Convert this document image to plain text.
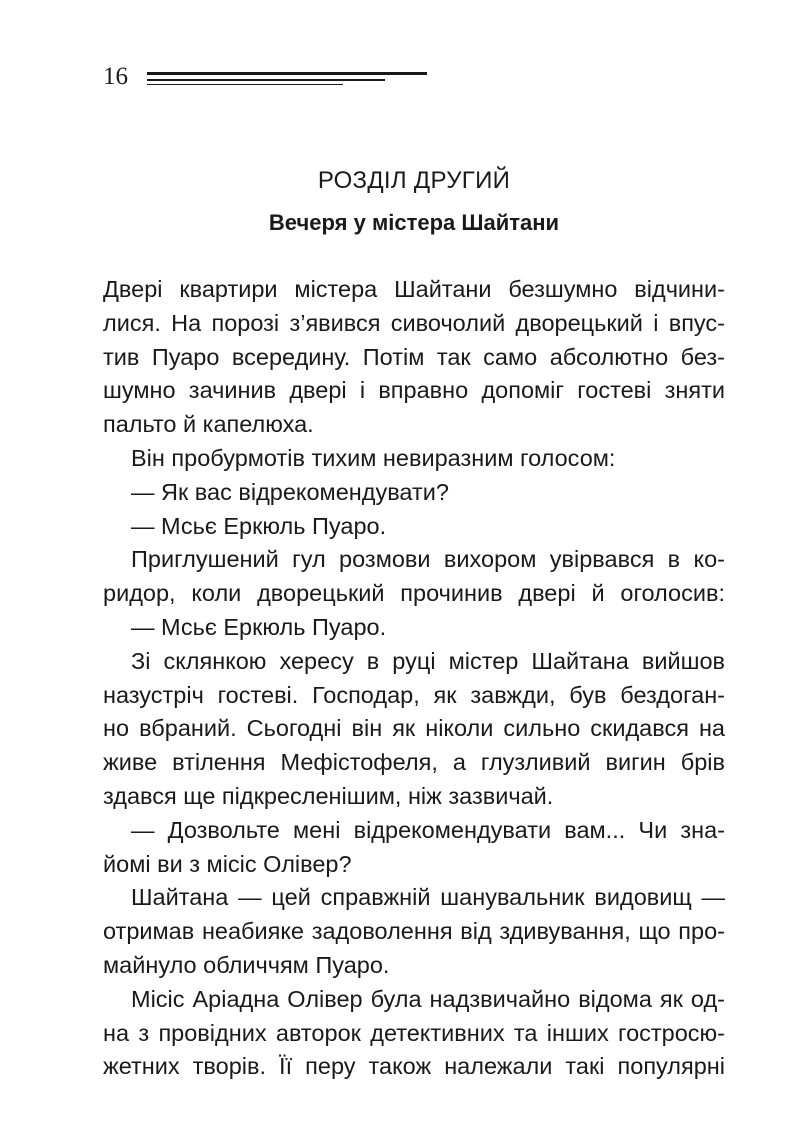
16
РОЗДІЛ ДРУГИЙ
Вечеря у містера Шайтани
Двері квартири містера Шайтани безшумно відчини-
лися. На порозі з’явився сивочолий дворецький і впус-
тив Пуаро всередину. Потім так само абсолютно без-
шумно зачинив двері і вправно допоміг гостеві зняти
пальто й капелюха.
Він пробурмотів тихим невиразним голосом:
— Як вас відрекомендувати?
— Мсьє Еркюль Пуаро.
Приглушений гул розмови вихором увірвався в ко-
ридор, коли дворецький прочинив двері й оголосив:
— Мсьє Еркюль Пуаро.
Зі склянкою хересу в руці містер Шайтана вийшов
назустріч гостеві. Господар, як завжди, був бездоган-
но вбраний. Сьогодні він як ніколи сильно скидався на
живе втілення Мефістофеля, а глузливий вигин брів
здався ще підкресленішим, ніж зазвичай.
— Дозвольте мені відрекомендувати вам... Чи зна-
йомі ви з місіс Олівер?
Шайтана — цей справжній шанувальник видовищ —
отримав неабияке задоволення від здивування, що про-
майнуло обличчям Пуаро.
Місіс Аріадна Олівер була надзвичайно відома як од-
на з провідних авторок детективних та інших гостросю-
жетних творів. Її перу також належали такі популярні
